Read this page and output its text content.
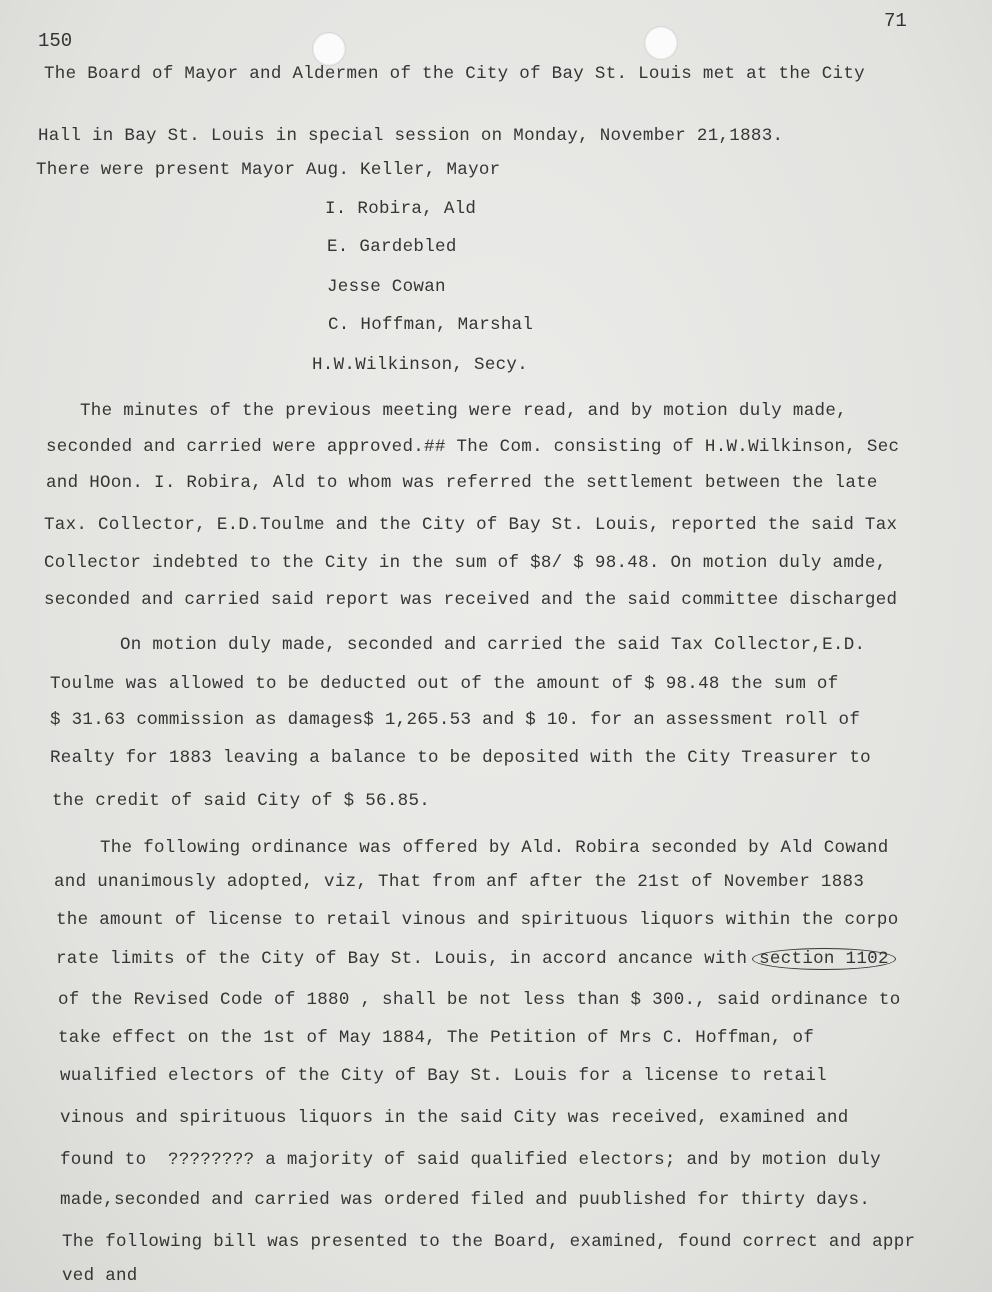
150
71
The Board of Mayor and Aldermen of the City of Bay St. Louis met at the City
Hall in Bay St. Louis in special session on Monday, November 21,1883.
There were present Mayor Aug. Keller, Mayor
I. Robira, Ald
E. Gardebled
Jesse Cowan
C. Hoffman, Marshal
H.W.Wilkinson, Secy.
The minutes of the previous meeting were read, and by motion duly made,
seconded and carried were approved.## The Com. consisting of H.W.Wilkinson, Sec
and HOon. I. Robira, Ald to whom was referred the settlement between the late
Tax. Collector, E.D.Toulme and the City of Bay St. Louis, reported the said Tax
Collector indebted to the City in the sum of $8/ $ 98.48. On motion duly amde,
seconded and carried said report was received and the said committee discharged
On motion duly made, seconded and carried the said Tax Collector,E.D.
Toulme was allowed to be deducted out of the amount of $ 98.48 the sum of
$ 31.63 commission as damages$ 1,265.53 and $ 10. for an assessment roll of
Realty for 1883 leaving a balance to be deposited with the City Treasurer to
the credit of said City of $ 56.85.
The following ordinance was offered by Ald. Robira seconded by Ald Cowand
and unanimously adopted, viz, That from anf after the 21st of November 1883
the amount of license to retail vinous and spirituous liquors within the corpo
rate limits of the City of Bay St. Louis, in accord ancance with section 1102
of the Revised Code of 1880 , shall be not less than $ 300., said ordinance to
take effect on the 1st of May 1884, The Petition of Mrs C. Hoffman, of
wualified electors of the City of Bay St. Louis for a license to retail
vinous and spirituous liquors in the said City was received, examined and
found to  ???????? a majority of said qualified electors; and by motion duly
made,seconded and carried was ordered filed and puublished for thirty days.
The following bill was presented to the Board, examined, found correct and appr
ved and
